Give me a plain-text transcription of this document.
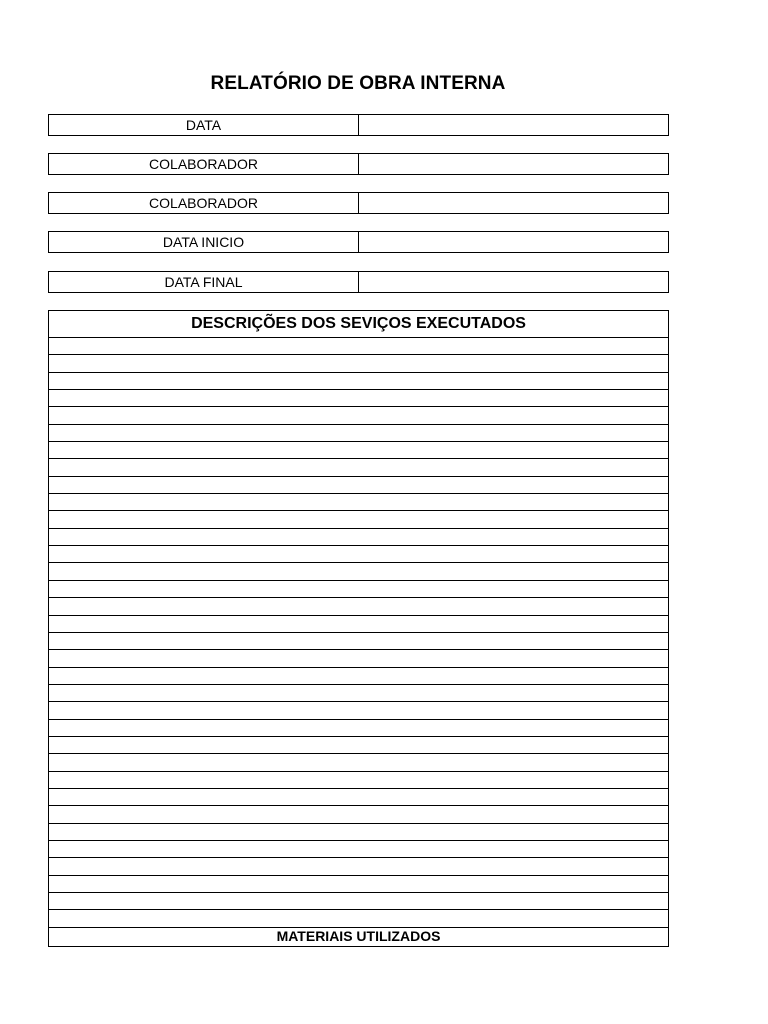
RELATÓRIO DE OBRA INTERNA
DATA
COLABORADOR
COLABORADOR
DATA INICIO
DATA FINAL
DESCRIÇÕES DOS SEVIÇOS EXECUTADOS
MATERIAIS UTILIZADOS
